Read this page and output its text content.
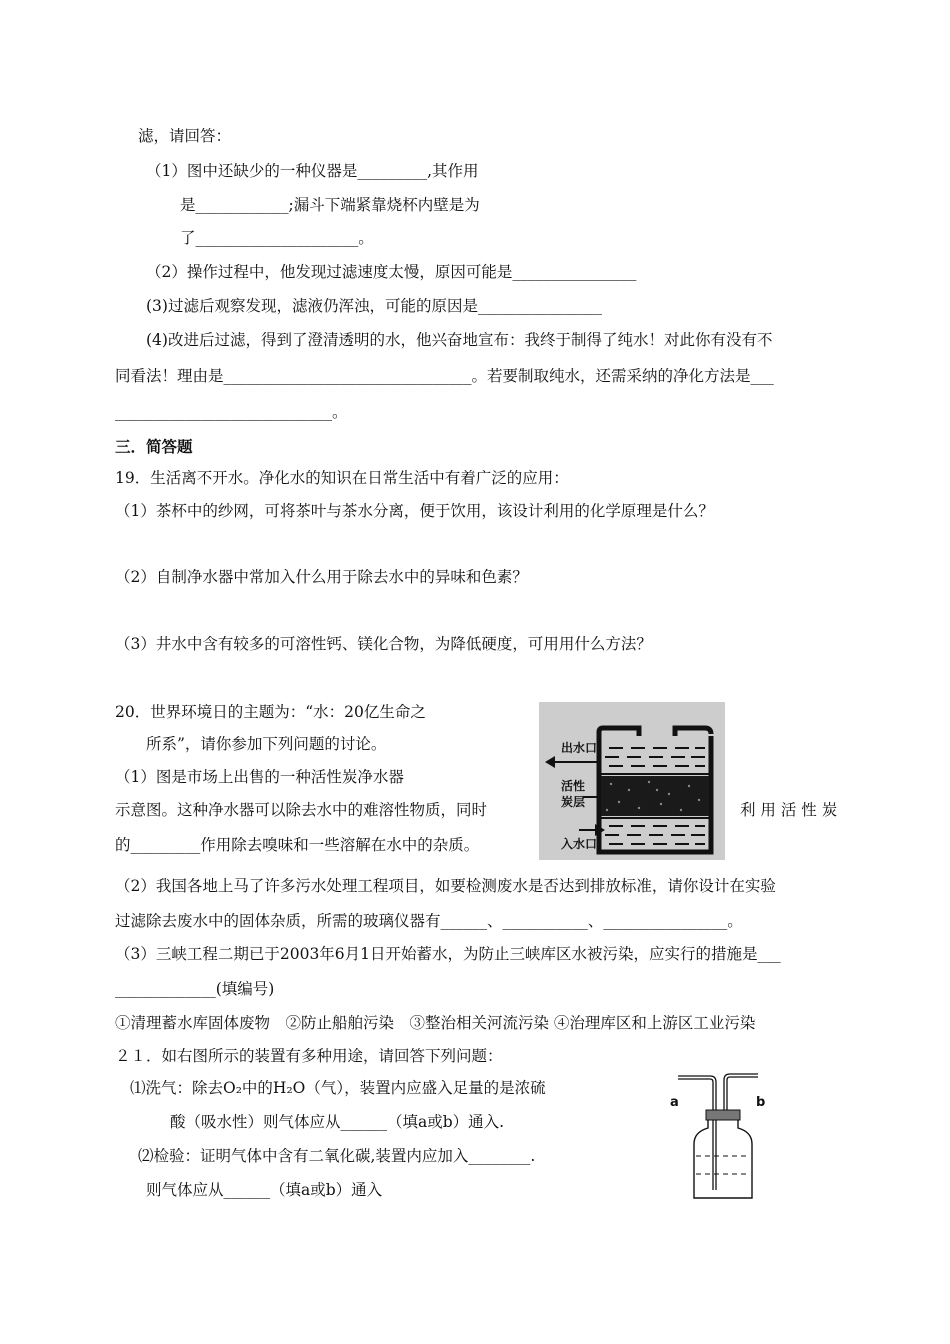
滤，请回答：
（1）图中还缺少的一种仪器是_________,其作用
是____________;漏斗下端紧靠烧杯内壁是为
了_____________________。
（2）操作过程中，他发现过滤速度太慢，原因可能是________________
(3)过滤后观察发现，滤液仍浑浊，可能的原因是________________
(4)改进后过滤，得到了澄清透明的水，他兴奋地宣布：我终于制得了纯水！对此你有没有不
同看法！理由是________________________________。若要制取纯水，还需采纳的净化方法是___
____________________________。
三．简答题
19．生活离不开水。净化水的知识在日常生活中有着广泛的应用：
（1）茶杯中的纱网，可将茶叶与茶水分离，便于饮用，该设计利用的化学原理是什么？
（2）自制净水器中常加入什么用于除去水中的异味和色素？
（3）井水中含有较多的可溶性钙、镁化合物，为降低硬度，可用用什么方法？
20．世界环境日的主题为：“水：20亿生命之
所系”，请你参加下列问题的讨论。
（1）图是市场上出售的一种活性炭净水器
示意图。这种净水器可以除去水中的难溶性物质，同时	利 用 活 性 炭
的_________作用除去嗅味和一些溶解在水中的杂质。
出水口
活性
炭层
入水口
（2）我国各地上马了许多污水处理工程项目，如要检测废水是否达到排放标准，请你设计在实验
过滤除去废水中的固体杂质，所需的玻璃仪器有______、___________、________________。
（3）三峡工程二期已于2003年6月1日开始蓄水，为防止三峡库区水被污染，应实行的措施是___
_____________(填编号)
①清理蓄水库固体废物　②防止船舶污染　③整治相关河流污染 ④治理库区和上游区工业污染
２１．如右图所示的装置有多种用途，请回答下列问题：
⑴洗气：除去O₂中的H₂O（气），装置内应盛入足量的是浓硫
酸（吸水性）则气体应从______（填a或b）通入.
⑵检验：证明气体中含有二氧化碳,装置内应加入________.
则气体应从______（填a或b）通入
a	b
